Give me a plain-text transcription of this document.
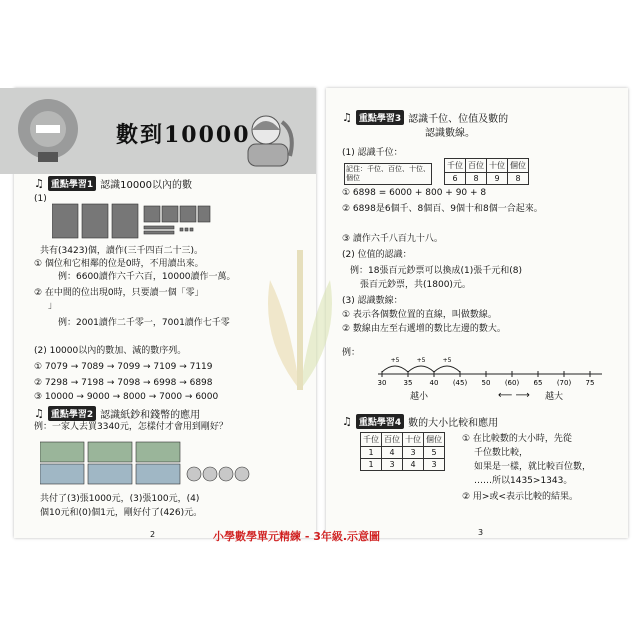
數到10000
♫ 重點學習1 認識10000以內的數
(1)
共有(3423)個，讀作(三千四百二十三)。
① 個位和它相鄰的位是0時，不用讀出來。
例：6600讀作六千六百，10000讀作一萬。
② 在中間的位出現0時，只要讀一個「零」
」
例：2001讀作二千零一，7001讀作七千零
(2) 10000以內的數加、減的數序列。
① 7079 → 7089 → 7099 → 7109 → 7119
② 7298 → 7198 → 7098 → 6998 → 6898
③ 10000 → 9000 → 8000 → 7000 → 6000
♫ 重點學習2 認識紙鈔和錢幣的應用
例：一家人去買3340元，怎樣付才會用到剛好？
共付了(3)張1000元，(3)張100元，(4)
個10元和(0)個1元，剛好付了(426)元。
2
♫ 重點學習3 認識千位、位值及數的
認識數線。
(1) 認識千位：
記住：千位、百位、十位、個位
千位	百位	十位	個位
6	8	9	8
① 6898 = 6000 + 800 + 90 + 8
② 6898是6個千、8個百、9個十和8個一合起來。
③ 讀作六千八百九十八。
(2) 位值的認識：
例：18張百元鈔票可以換成(1)張千元和(8)
張百元鈔票，共(1800)元。
(3) 認識數線：
① 表示各個數位置的直線，叫做數線。
② 數線由左至右遞增的數比左邊的數大。
例：
30 35 40 (45) 50 (60) 65 (70) 75
+5	+5	+5
越小	⟵ ⟶ 越大
♫ 重點學習4 數的大小比較和應用
千位	百位	十位	個位
1	4	3	5
1	3	4	3
① 在比較數的大小時，先從
千位數比較，
如果是一樣，就比較百位數，
……所以1435>1343。
② 用>或<表示比較的結果。
3
小學數學單元精練 - 3年級.示意圖
